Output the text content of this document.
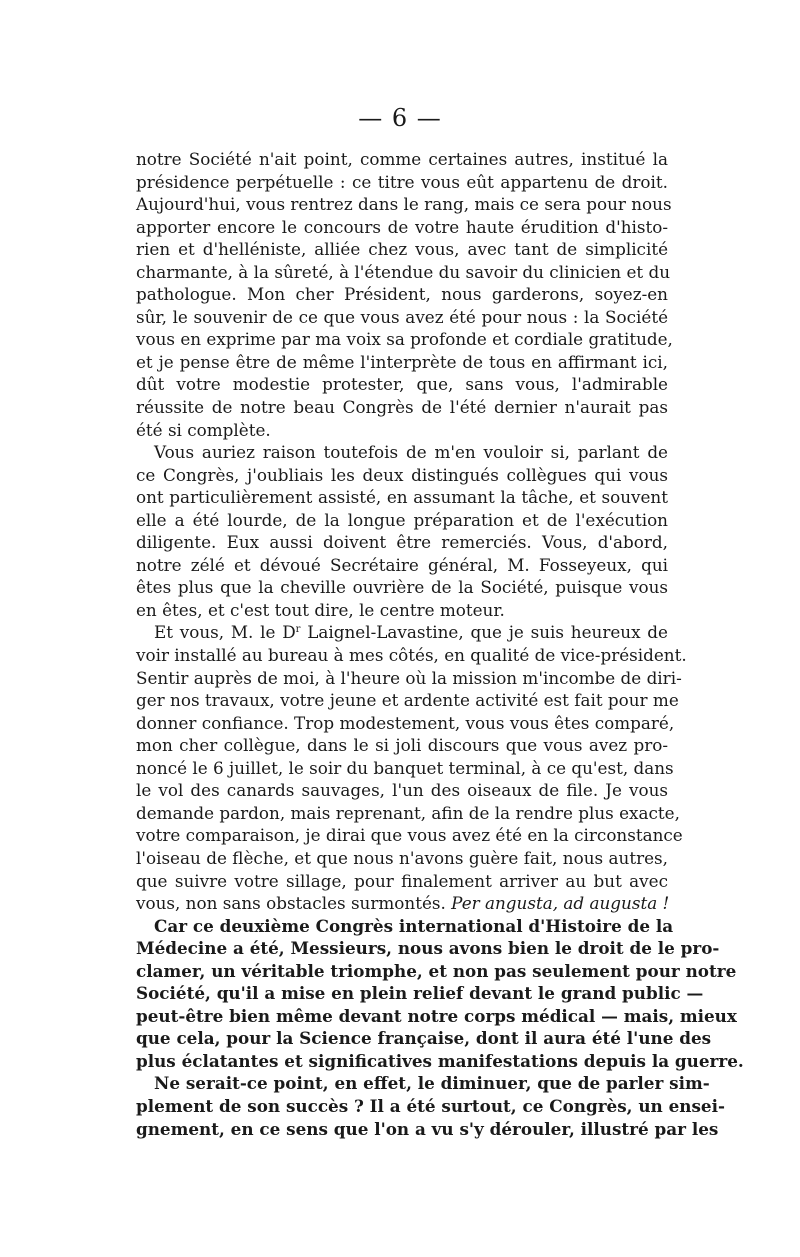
— 6 —
notre Société n'ait point, comme certaines autres, institué la
présidence perpétuelle : ce titre vous eût appartenu de droit.
Aujourd'hui, vous rentrez dans le rang, mais ce sera pour nous
apporter encore le concours de votre haute érudition d'histo-
rien et d'helléniste, alliée chez vous, avec tant de simplicité
charmante, à la sûreté, à l'étendue du savoir du clinicien et du
pathologue. Mon cher Président, nous garderons, soyez-en
sûr, le souvenir de ce que vous avez été pour nous : la Société
vous en exprime par ma voix sa profonde et cordiale gratitude,
et je pense être de même l'interprète de tous en affirmant ici,
dût votre modestie protester, que, sans vous, l'admirable
réussite de notre beau Congrès de l'été dernier n'aurait pas
été si complète.
Vous auriez raison toutefois de m'en vouloir si, parlant de
ce Congrès, j'oubliais les deux distingués collègues qui vous
ont particulièrement assisté, en assumant la tâche, et souvent
elle a été lourde, de la longue préparation et de l'exécution
diligente. Eux aussi doivent être remerciés. Vous, d'abord,
notre zélé et dévoué Secrétaire général, M. Fosseyeux, qui
êtes plus que la cheville ouvrière de la Société, puisque vous
en êtes, et c'est tout dire, le centre moteur.
Et vous, M. le $D^r$ Laignel-Lavastine, que je suis heureux de
voir installé au bureau à mes côtés, en qualité de vice-président.
Sentir auprès de moi, à l'heure où la mission m'incombe de diri-
ger nos travaux, votre jeune et ardente activité est fait pour me
donner confiance. Trop modestement, vous vous êtes comparé,
mon cher collègue, dans le si joli discours que vous avez pro-
noncé le 6 juillet, le soir du banquet terminal, à ce qu'est, dans
le vol des canards sauvages, l'un des oiseaux de file. Je vous
demande pardon, mais reprenant, afin de la rendre plus exacte,
votre comparaison, je dirai que vous avez été en la circonstance
l'oiseau de flèche, et que nous n'avons guère fait, nous autres,
que suivre votre sillage, pour finalement arriver au but avec
vous, non sans obstacles surmontés. Per angusta, ad augusta !
Car ce deuxième Congrès international d'Histoire de la
Médecine a été, Messieurs, nous avons bien le droit de le pro-
clamer, un véritable triomphe, et non pas seulement pour notre
Société, qu'il a mise en plein relief devant le grand public —
peut-être bien même devant notre corps médical — mais, mieux
que cela, pour la Science française, dont il aura été l'une des
plus éclatantes et significatives manifestations depuis la guerre.
Ne serait-ce point, en effet, le diminuer, que de parler sim-
plement de son succès ? Il a été surtout, ce Congrès, un ensei-
gnement, en ce sens que l'on a vu s'y dérouler, illustré par les
